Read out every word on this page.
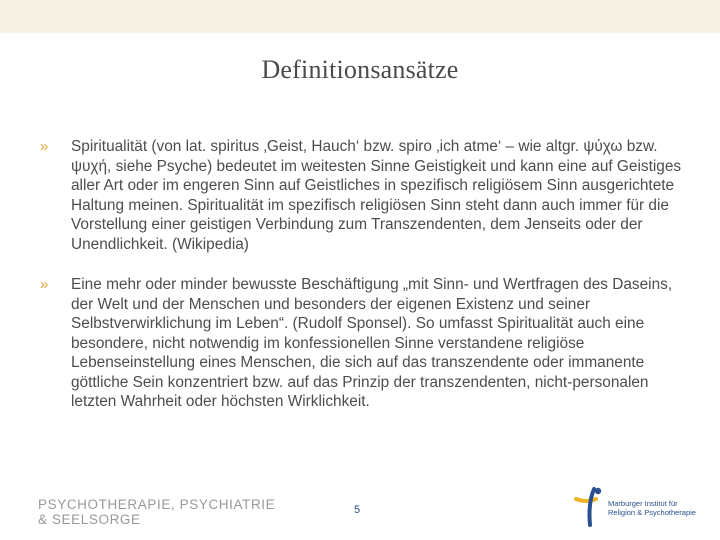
Definitionsansätze
» Spiritualität (von lat. spiritus ‚Geist, Hauch‘ bzw. spiro ‚ich atme‘ – wie altgr. ψύχω bzw. ψυχή, siehe Psyche) bedeutet im weitesten Sinne Geistigkeit und kann eine auf Geistiges aller Art oder im engeren Sinn auf Geistliches in spezifisch religiösem Sinn ausgerichtete Haltung meinen. Spiritualität im spezifisch religiösen Sinn steht dann auch immer für die Vorstellung einer geistigen Verbindung zum Transzendenten, dem Jenseits oder der Unendlichkeit. (Wikipedia)
» Eine mehr oder minder bewusste Beschäftigung „mit Sinn- und Wertfragen des Daseins, der Welt und der Menschen und besonders der eigenen Existenz und seiner Selbstverwirklichung im Leben“. (Rudolf Sponsel). So umfasst Spiritualität auch eine besondere, nicht notwendig im konfessionellen Sinne verstandene religiöse Lebenseinstellung eines Menschen, die sich auf das transzendente oder immanente göttliche Sein konzentriert bzw. auf das Prinzip der transzendenten, nicht-personalen letzten Wahrheit oder höchsten Wirklichkeit.
PSYCHOTHERAPIE, PSYCHIATRIE
& SEELSORGE
5
Marburger Institut für
Religion & Psychotherapie
